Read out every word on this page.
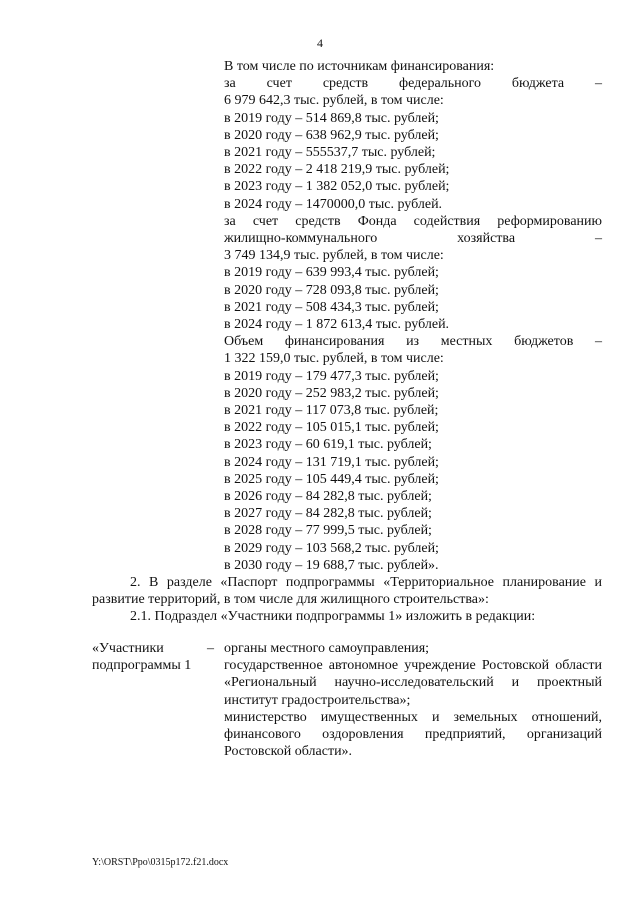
4
В том числе по источникам финансирования:
за счет средств федерального бюджета –
6 979 642,3 тыс. рублей, в том числе:
в 2019 году – 514 869,8 тыс. рублей;
в 2020 году – 638 962,9 тыс. рублей;
в 2021 году – 555537,7 тыс. рублей;
в 2022 году – 2 418 219,9 тыс. рублей;
в 2023 году – 1 382 052,0 тыс. рублей;
в 2024 году – 1470000,0 тыс. рублей.
за счет средств Фонда содействия реформированию
жилищно-коммунального хозяйства –
3 749 134,9 тыс. рублей, в том числе:
в 2019 году – 639 993,4 тыс. рублей;
в 2020 году – 728 093,8 тыс. рублей;
в 2021 году – 508 434,3 тыс. рублей;
в 2024 году – 1 872 613,4 тыс. рублей.
Объем финансирования из местных бюджетов –
1 322 159,0 тыс. рублей, в том числе:
в 2019 году – 179 477,3 тыс. рублей;
в 2020 году – 252 983,2 тыс. рублей;
в 2021 году – 117 073,8 тыс. рублей;
в 2022 году – 105 015,1 тыс. рублей;
в 2023 году – 60 619,1 тыс. рублей;
в 2024 году – 131 719,1 тыс. рублей;
в 2025 году – 105 449,4 тыс. рублей;
в 2026 году – 84 282,8 тыс. рублей;
в 2027 году – 84 282,8 тыс. рублей;
в 2028 году – 77 999,5 тыс. рублей;
в 2029 году – 103 568,2 тыс. рублей;
в 2030 году – 19 688,7 тыс. рублей».
2. В разделе «Паспорт подпрограммы «Территориальное планирование и развитие территорий, в том числе для жилищного строительства»:
2.1. Подраздел «Участники подпрограммы 1» изложить в редакции:
«Участники подпрограммы 1
– органы местного самоуправления;
государственное автономное учреждение Ростовской области «Региональный научно-исследовательский и проектный институт градостроительства»;
министерство имущественных и земельных отношений, финансового оздоровления предприятий, организаций Ростовской области».
Y:\ORST\Ppo\0315p172.f21.docx
